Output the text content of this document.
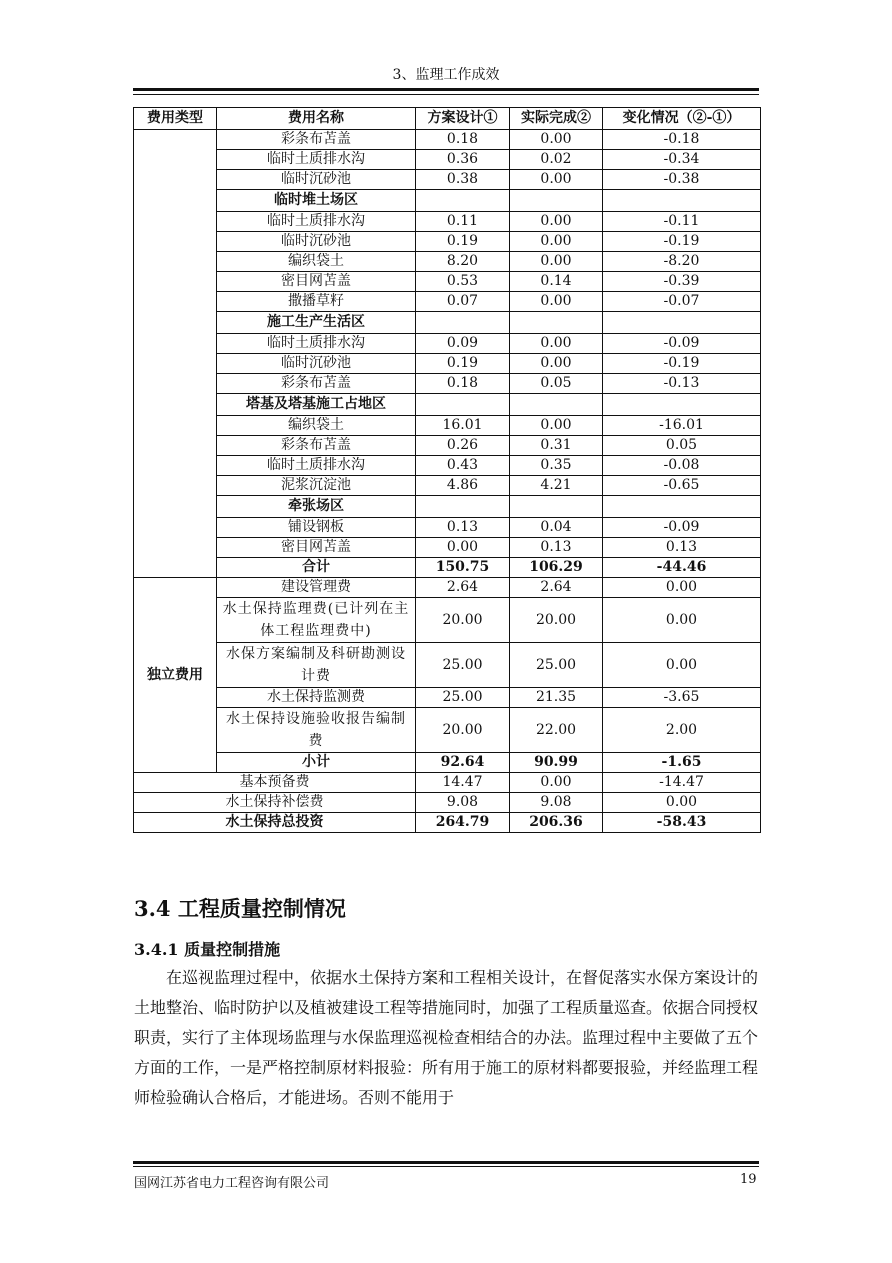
3、监理工作成效
费用类型	费用名称	方案设计①	实际完成②	变化情况（②-①）
	彩条布苫盖	0.18	0.00	-0.18
	临时土质排水沟	0.36	0.02	-0.34
	临时沉砂池	0.38	0.00	-0.38
	临时堆土场区			
	临时土质排水沟	0.11	0.00	-0.11
	临时沉砂池	0.19	0.00	-0.19
	编织袋土	8.20	0.00	-8.20
	密目网苫盖	0.53	0.14	-0.39
	撒播草籽	0.07	0.00	-0.07
	施工生产生活区			
	临时土质排水沟	0.09	0.00	-0.09
	临时沉砂池	0.19	0.00	-0.19
	彩条布苫盖	0.18	0.05	-0.13
	塔基及塔基施工占地区			
	编织袋土	16.01	0.00	-16.01
	彩条布苫盖	0.26	0.31	0.05
	临时土质排水沟	0.43	0.35	-0.08
	泥浆沉淀池	4.86	4.21	-0.65
	牵张场区			
	铺设钢板	0.13	0.04	-0.09
	密目网苫盖	0.00	0.13	0.13
	合计	150.75	106.29	-44.46
独立费用	建设管理费	2.64	2.64	0.00
	水土保持监理费(已计列在主体工程监理费中)	20.00	20.00	0.00
	水保方案编制及科研勘测设计费	25.00	25.00	0.00
	水土保持监测费	25.00	21.35	-3.65
	水土保持设施验收报告编制费	20.00	22.00	2.00
	小计	92.64	90.99	-1.65
基本预备费		14.47	0.00	-14.47
水土保持补偿费		9.08	9.08	0.00
水土保持总投资		264.79	206.36	-58.43
3.4 工程质量控制情况
3.4.1 质量控制措施

在巡视监理过程中，依据水土保持方案和工程相关设计，在督促落实水保方案设计的土地整治、临时防护以及植被建设工程等措施同时，加强了工程质量巡查。依据合同授权职责，实行了主体现场监理与水保监理巡视检查相结合的办法。监理过程中主要做了五个方面的工作，一是严格控制原材料报验：所有用于施工的原材料都要报验，并经监理工程师检验确认合格后，才能进场。否则不能用于

国网江苏省电力工程咨询有限公司	19
